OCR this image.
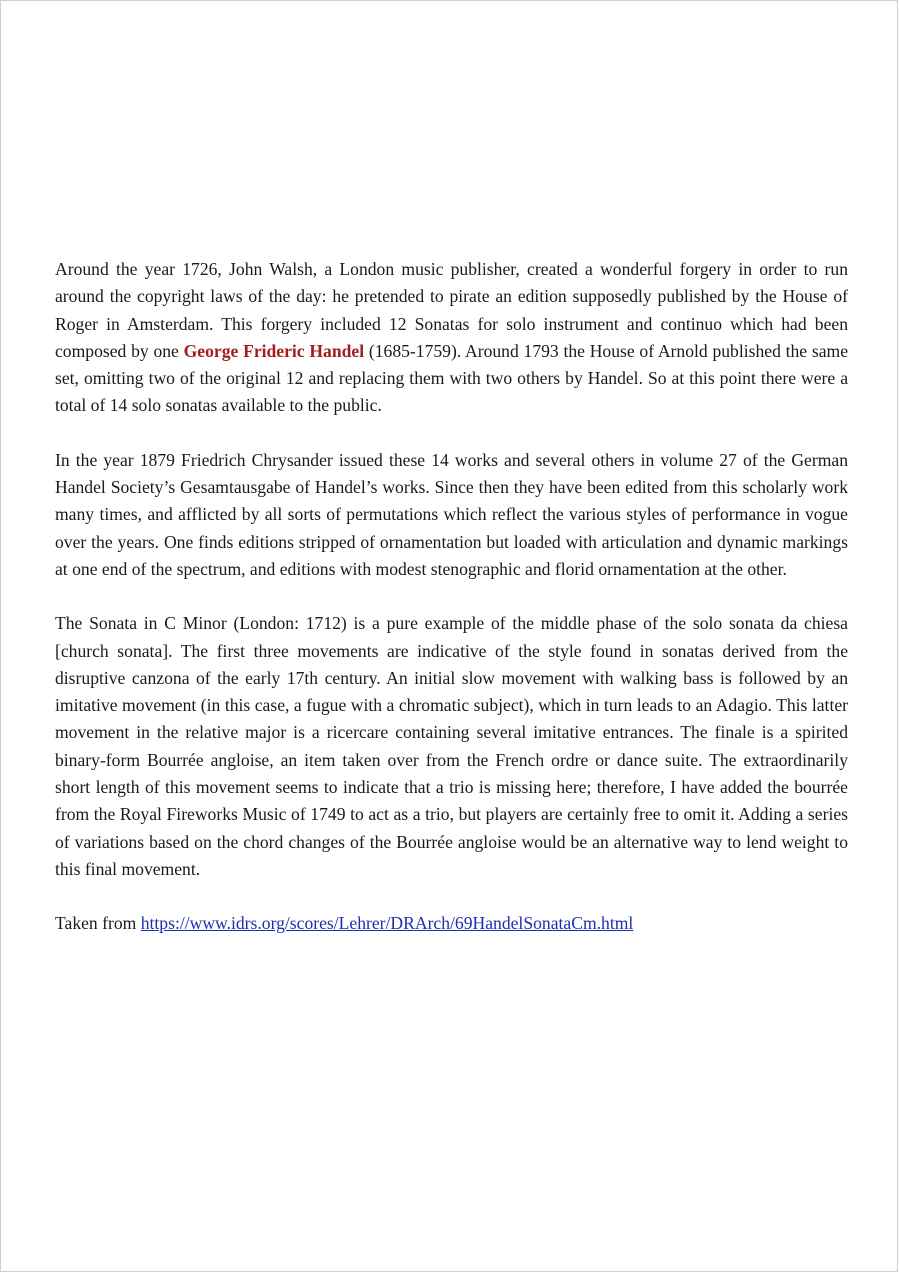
Around the year 1726, John Walsh, a London music publisher, created a wonderful forgery in order to run around the copyright laws of the day: he pretended to pirate an edition supposedly published by the House of Roger in Amsterdam. This forgery included 12 Sonatas for solo instrument and continuo which had been composed by one George Frideric Handel (1685-1759). Around 1793 the House of Arnold published the same set, omitting two of the original 12 and replacing them with two others by Handel. So at this point there were a total of 14 solo sonatas available to the public.

In the year 1879 Friedrich Chrysander issued these 14 works and several others in volume 27 of the German Handel Society’s Gesamtausgabe of Handel’s works. Since then they have been edited from this scholarly work many times, and afflicted by all sorts of permutations which reflect the various styles of performance in vogue over the years. One finds editions stripped of ornamentation but loaded with articulation and dynamic markings at one end of the spectrum, and editions with modest stenographic and florid ornamentation at the other.

The Sonata in C Minor (London: 1712) is a pure example of the middle phase of the solo sonata da chiesa [church sonata]. The first three movements are indicative of the style found in sonatas derived from the disruptive canzona of the early 17th century. An initial slow movement with walking bass is followed by an imitative movement (in this case, a fugue with a chromatic subject), which in turn leads to an Adagio. This latter movement in the relative major is a ricercare containing several imitative entrances. The finale is a spirited binary-form Bourrée angloise, an item taken over from the French ordre or dance suite. The extraordinarily short length of this movement seems to indicate that a trio is missing here; therefore, I have added the bourrée from the Royal Fireworks Music of 1749 to act as a trio, but players are certainly free to omit it. Adding a series of variations based on the chord changes of the Bourrée angloise would be an alternative way to lend weight to this final movement.

Taken from https://www.idrs.org/scores/Lehrer/DRArch/69HandelSonataCm.html
